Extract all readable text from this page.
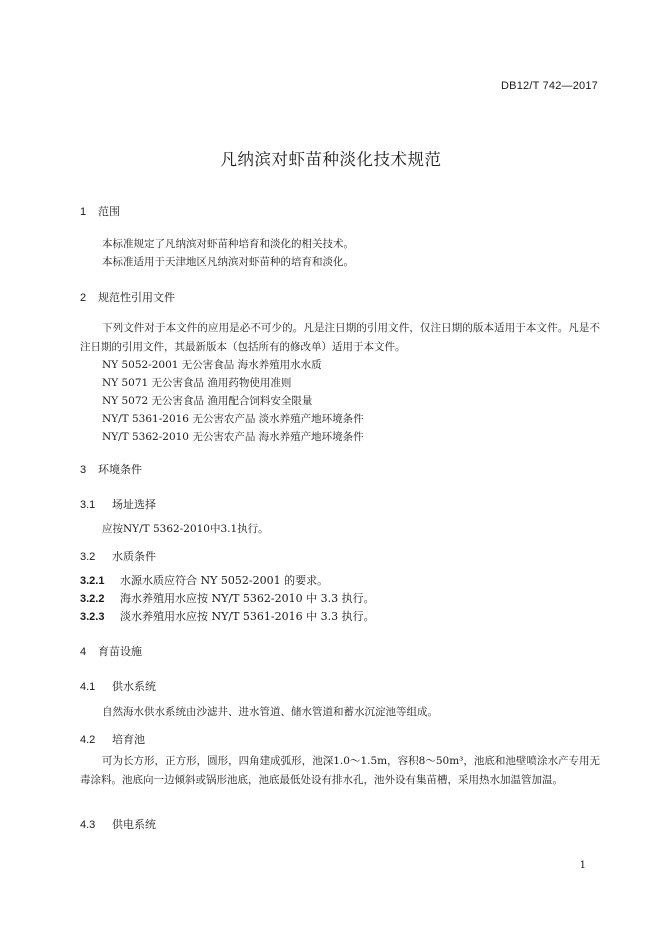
DB12/T 742—2017
凡纳滨对虾苗种淡化技术规范
1 范围
本标准规定了凡纳滨对虾苗种培育和淡化的相关技术。
本标准适用于天津地区凡纳滨对虾苗种的培育和淡化。
2 规范性引用文件
下列文件对于本文件的应用是必不可少的。凡是注日期的引用文件，仅注日期的版本适用于本文件。凡是不注日期的引用文件，其最新版本（包括所有的修改单）适用于本文件。
NY 5052-2001 无公害食品 海水养殖用水水质
NY 5071 无公害食品 渔用药物使用准则
NY 5072 无公害食品 渔用配合饲料安全限量
NY/T 5361-2016 无公害农产品 淡水养殖产地环境条件
NY/T 5362-2010 无公害农产品 海水养殖产地环境条件
3 环境条件
3.1 场址选择
应按NY/T 5362-2010中3.1执行。
3.2 水质条件
3.2.1 水源水质应符合 NY 5052-2001 的要求。
3.2.2 海水养殖用水应按 NY/T 5362-2010 中 3.3 执行。
3.2.3 淡水养殖用水应按 NY/T 5361-2016 中 3.3 执行。
4 育苗设施
4.1 供水系统
自然海水供水系统由沙滤井、进水管道、储水管道和蓄水沉淀池等组成。
4.2 培育池
可为长方形，正方形，圆形，四角建成弧形，池深1.0～1.5m，容积8～50m³，池底和池壁喷涂水产专用无毒涂料。池底向一边倾斜或锅形池底，池底最低处设有排水孔，池外设有集苗槽，采用热水加温管加温。
4.3 供电系统
1
